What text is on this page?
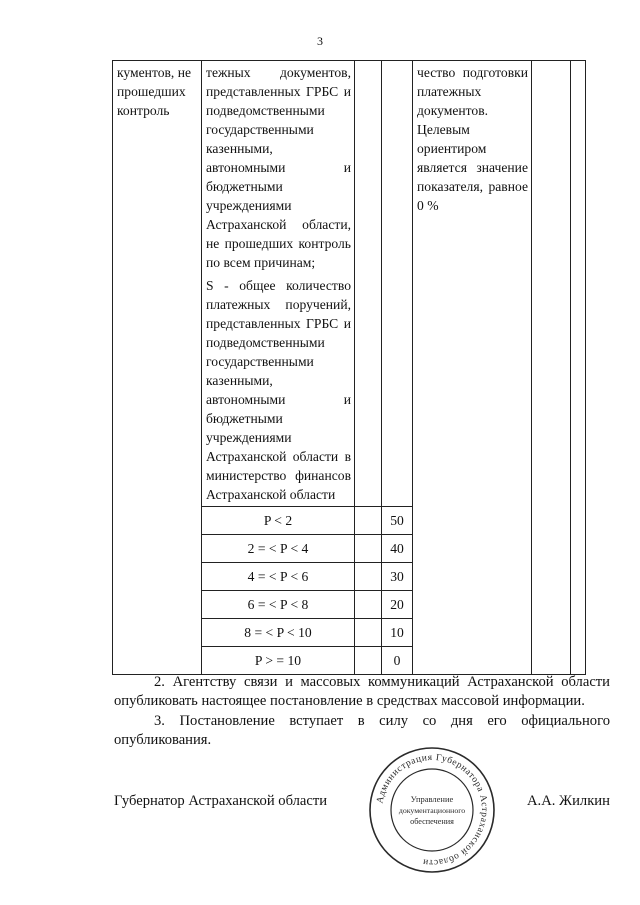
3
кументов, не прошедших контроль	тежных документов, представленных ГРБС и подведомственными государственными казенными, автономными и бюджетными учреждениями Астраханской области, не прошедших контроль по всем причинам;
S - общее количество платежных поручений, представленных ГРБС и подведомственными государственными казенными, автономными и бюджетными учреждениями Астраханской области в министерство финансов Астраханской области			чество подготовки платежных документов. Целевым ориентиром является значение показателя, равное 0 %		

	P < 2		50			
	2 = < P < 4		40			
	4 = < P < 6		30			
	6 = < P < 8		20			
	8 = < P < 10		10			
	P > = 10		0			
2. Агентству связи и массовых коммуникаций Астраханской области опубликовать настоящее постановление в средствах массовой информации.
3. Постановление вступает в силу со дня его официального опубликования.
Губернатор Астраханской области	Администрация Губернатора Астраханской области
Управление
документационного
обеспечения
А.А. Жилкин
